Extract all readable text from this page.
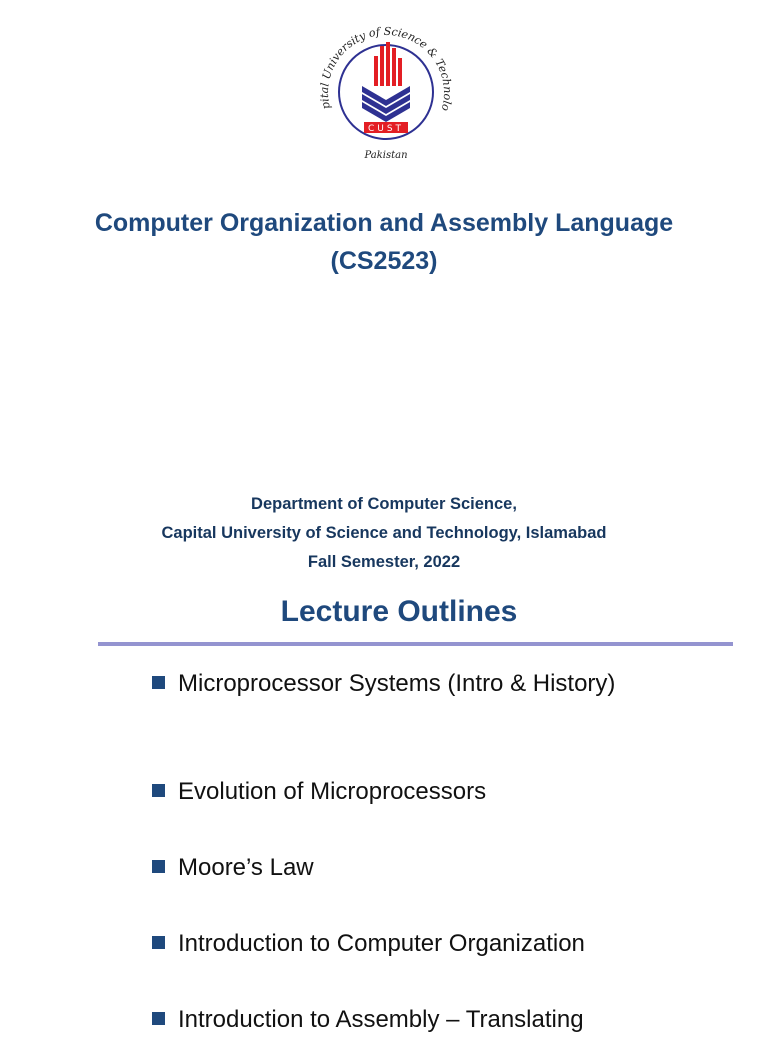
pital University of Science & Technolo
CUST
Pakistan
Computer Organization and Assembly Language
(CS2523)
Department of Computer Science,
Capital University of Science and Technology, Islamabad
Fall Semester, 2022
Lecture Outlines
Microprocessor Systems (Intro & History)
Evolution of Microprocessors
Moore’s Law
Introduction to Computer Organization
Introduction to Assembly – Translating
